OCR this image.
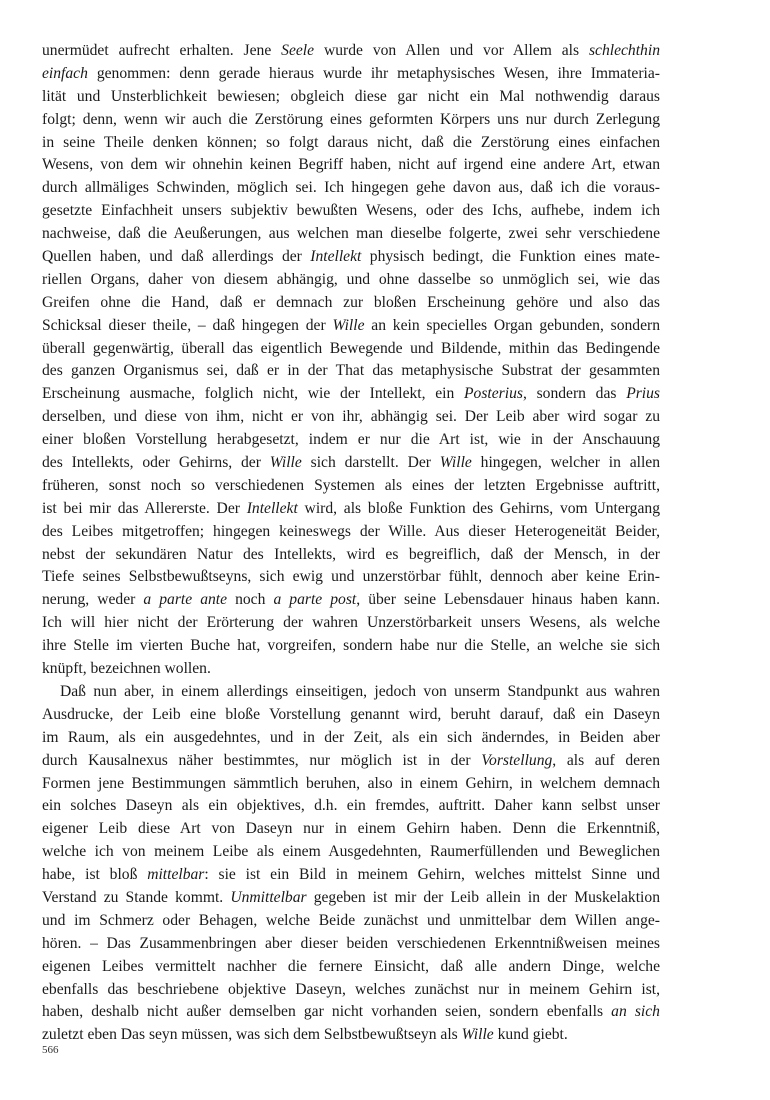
unermüdet aufrecht erhalten. Jene Seele wurde von Allen und vor Allem als schlechthin
einfach genommen: denn gerade hieraus wurde ihr metaphysisches Wesen, ihre Immateria-
lität und Unsterblichkeit bewiesen; obgleich diese gar nicht ein Mal nothwendig daraus
folgt; denn, wenn wir auch die Zerstörung eines geformten Körpers uns nur durch Zerlegung
in seine Theile denken können; so folgt daraus nicht, daß die Zerstörung eines einfachen
Wesens, von dem wir ohnehin keinen Begriff haben, nicht auf irgend eine andere Art, etwan
durch allmäliges Schwinden, möglich sei. Ich hingegen gehe davon aus, daß ich die voraus-
gesetzte Einfachheit unsers subjektiv bewußten Wesens, oder des Ichs, aufhebe, indem ich
nachweise, daß die Aeußerungen, aus welchen man dieselbe folgerte, zwei sehr verschiedene
Quellen haben, und daß allerdings der Intellekt physisch bedingt, die Funktion eines mate-
riellen Organs, daher von diesem abhängig, und ohne dasselbe so unmöglich sei, wie das
Greifen ohne die Hand, daß er demnach zur bloßen Erscheinung gehöre und also das
Schicksal dieser theile, – daß hingegen der Wille an kein specielles Organ gebunden, sondern
überall gegenwärtig, überall das eigentlich Bewegende und Bildende, mithin das Bedingende
des ganzen Organismus sei, daß er in der That das metaphysische Substrat der gesammten
Erscheinung ausmache, folglich nicht, wie der Intellekt, ein Posterius, sondern das Prius
derselben, und diese von ihm, nicht er von ihr, abhängig sei. Der Leib aber wird sogar zu
einer bloßen Vorstellung herabgesetzt, indem er nur die Art ist, wie in der Anschauung
des Intellekts, oder Gehirns, der Wille sich darstellt. Der Wille hingegen, welcher in allen
früheren, sonst noch so verschiedenen Systemen als eines der letzten Ergebnisse auftritt,
ist bei mir das Allererste. Der Intellekt wird, als bloße Funktion des Gehirns, vom Untergang
des Leibes mitgetroffen; hingegen keineswegs der Wille. Aus dieser Heterogeneität Beider,
nebst der sekundären Natur des Intellekts, wird es begreiflich, daß der Mensch, in der
Tiefe seines Selbstbewußtseyns, sich ewig und unzerstörbar fühlt, dennoch aber keine Erin-
nerung, weder a parte ante noch a parte post, über seine Lebensdauer hinaus haben kann.
Ich will hier nicht der Erörterung der wahren Unzerstörbarkeit unsers Wesens, als welche
ihre Stelle im vierten Buche hat, vorgreifen, sondern habe nur die Stelle, an welche sie sich
knüpft, bezeichnen wollen.
Daß nun aber, in einem allerdings einseitigen, jedoch von unserm Standpunkt aus wahren
Ausdrucke, der Leib eine bloße Vorstellung genannt wird, beruht darauf, daß ein Daseyn
im Raum, als ein ausgedehntes, und in der Zeit, als ein sich änderndes, in Beiden aber
durch Kausalnexus näher bestimmtes, nur möglich ist in der Vorstellung, als auf deren
Formen jene Bestimmungen sämmtlich beruhen, also in einem Gehirn, in welchem demnach
ein solches Daseyn als ein objektives, d.h. ein fremdes, auftritt. Daher kann selbst unser
eigener Leib diese Art von Daseyn nur in einem Gehirn haben. Denn die Erkenntniß,
welche ich von meinem Leibe als einem Ausgedehnten, Raumerfüllenden und Beweglichen
habe, ist bloß mittelbar: sie ist ein Bild in meinem Gehirn, welches mittelst Sinne und
Verstand zu Stande kommt. Unmittelbar gegeben ist mir der Leib allein in der Muskelaktion
und im Schmerz oder Behagen, welche Beide zunächst und unmittelbar dem Willen ange-
hören. – Das Zusammenbringen aber dieser beiden verschiedenen Erkenntnißweisen meines
eigenen Leibes vermittelt nachher die fernere Einsicht, daß alle andern Dinge, welche
ebenfalls das beschriebene objektive Daseyn, welches zunächst nur in meinem Gehirn ist,
haben, deshalb nicht außer demselben gar nicht vorhanden seien, sondern ebenfalls an sich
zuletzt eben Das seyn müssen, was sich dem Selbstbewußtseyn als Wille kund giebt.
566
